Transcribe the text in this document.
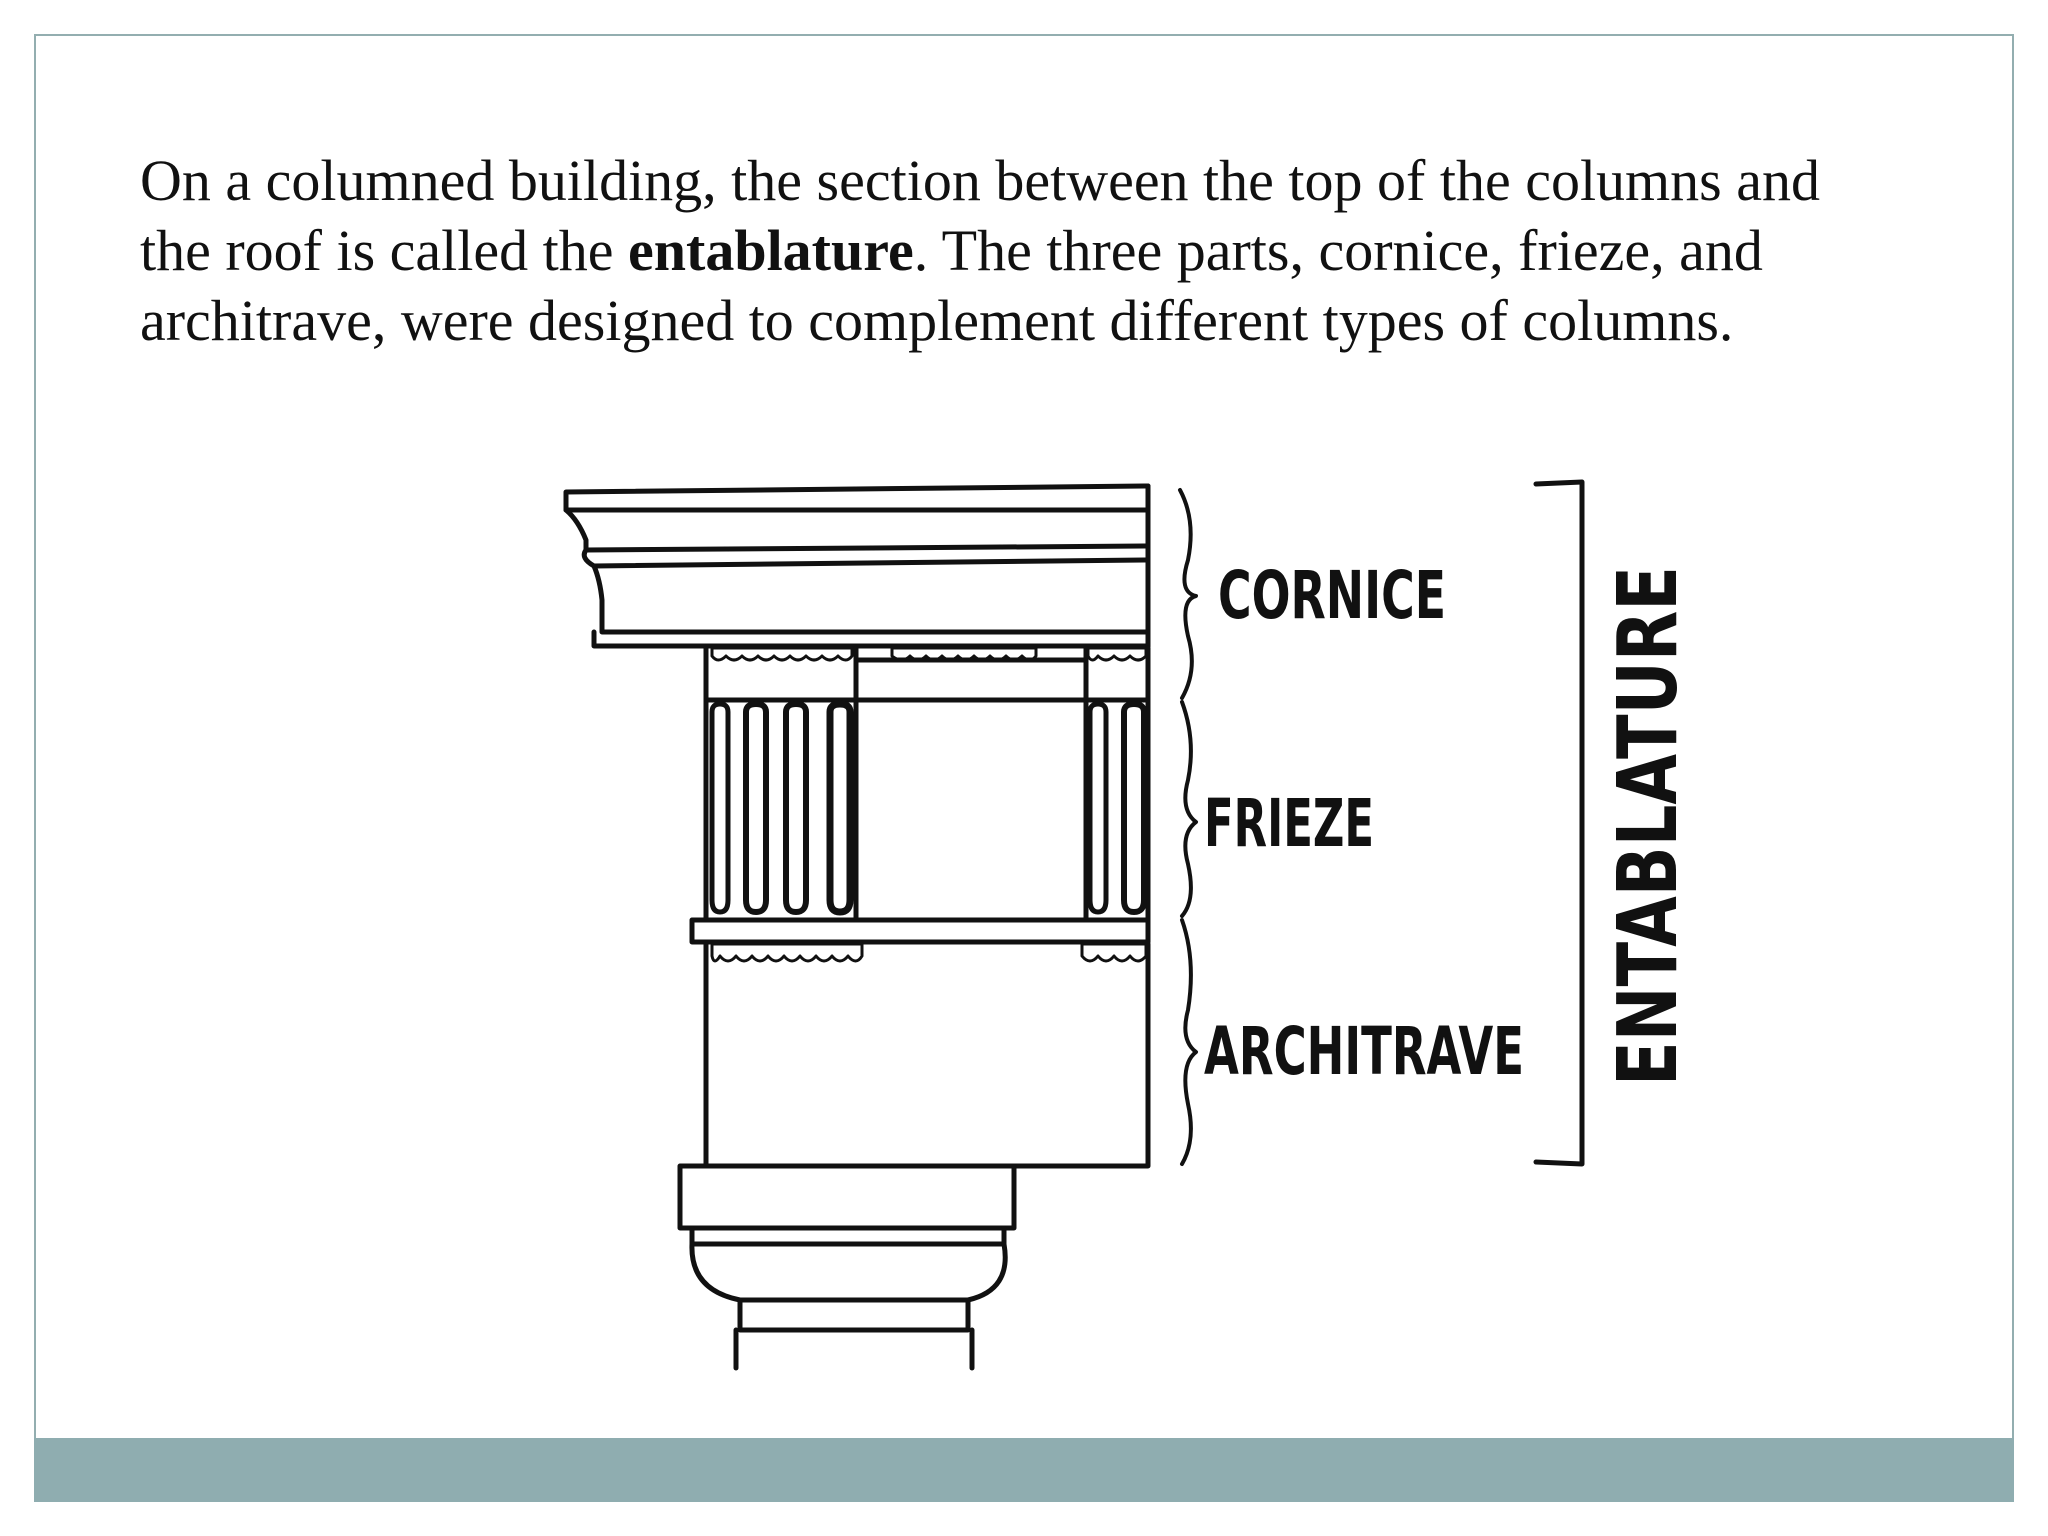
On a columned building, the section between the top of the columns and the roof is called the entablature. The three parts, cornice, frieze, and architrave, were designed to complement different types of columns.

CORNICE
FRIEZE
ARCHITRAVE ENTABLATURE
